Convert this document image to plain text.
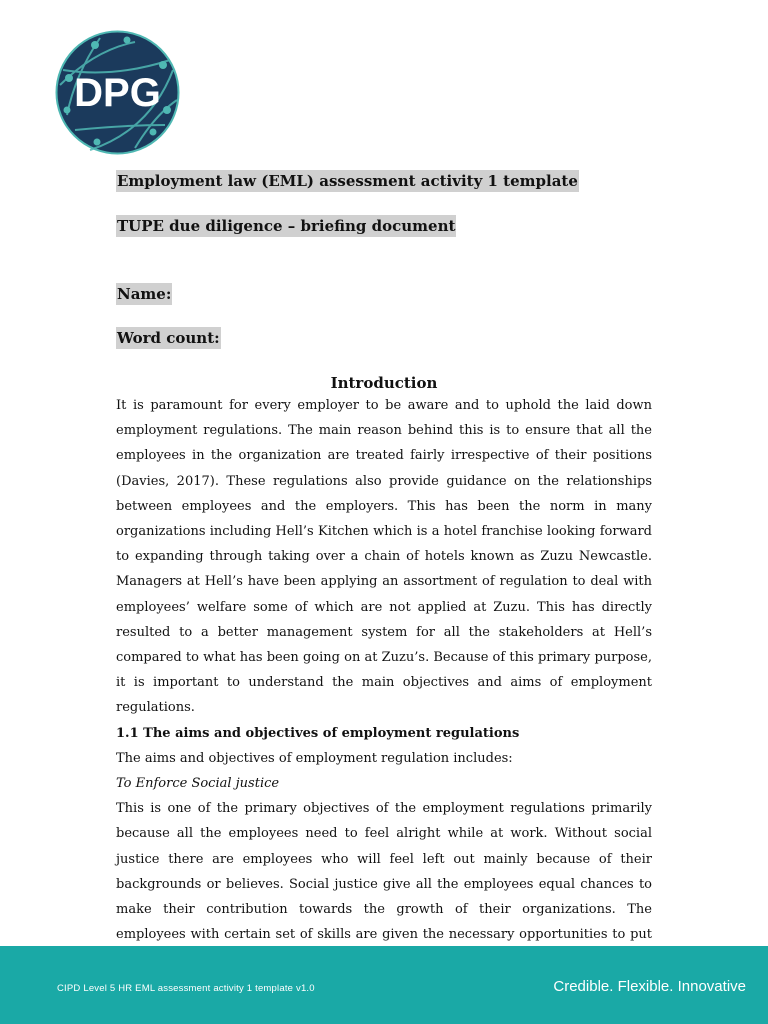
DPG
Employment law (EML) assessment activity 1 template
TUPE due diligence – briefing document
Name:
Word count:
Introduction

It is paramount for every employer to be aware and to uphold the laid down employment regulations. The main reason behind this is to ensure that all the employees in the organization are treated fairly irrespective of their positions (Davies, 2017). These regulations also provide guidance on the relationships between employees and the employers. This has been the norm in many organizations including Hell’s Kitchen which is a hotel franchise looking forward to expanding through taking over a chain of hotels known as Zuzu Newcastle. Managers at Hell’s have been applying an assortment of regulation to deal with employees’ welfare some of which are not applied at Zuzu. This has directly resulted to a better management system for all the stakeholders at Hell’s compared to what has been going on at Zuzu’s. Because of this primary purpose, it is important to understand the main objectives and aims of employment regulations.

1.1 The aims and objectives of employment regulations

The aims and objectives of employment regulation includes:

To Enforce Social justice

This is one of the primary objectives of the employment regulations primarily because all the employees need to feel alright while at work. Without social justice there are employees who will feel left out mainly because of their backgrounds or believes. Social justice give all the employees equal chances to make their contribution towards the growth of their organizations. The employees with certain set of skills are given the necessary opportunities to put

CIPD Level 5 HR EML assessment activity 1 template v1.0	Credible. Flexible. Innovative
